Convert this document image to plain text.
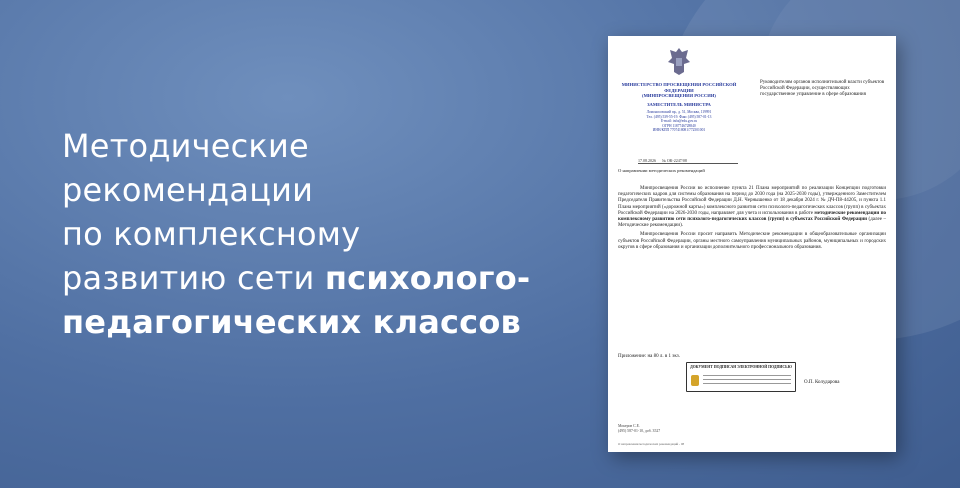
Методические
рекомендации
по комплексному
развитию сети психолого-
педагогических классов
МИНИСТЕРСТВО ПРОСВЕЩЕНИЯ РОССИЙСКОЙ ФЕДЕРАЦИИ
(МИНПРОСВЕЩЕНИЯ РОССИИ)
ЗАМЕСТИТЕЛЬ МИНИСТРА
Ломоносовский пр., д. 51, Москва, 119991
Тел. (495) 539-55-19. Факс (495) 587-01-13
E-mail: info@edu.gov.ru
ОГРН 1187746728840
ИНН/КПП 7707418081/772501001
Руководителям органов исполнительной власти субъектов Российской Федерации, осуществляющих государственное управление в сфере образования
17.08.2026 № ОК-2247/08
О направлении методических рекомендаций

Минпросвещения России во исполнение пункта 21 Плана мероприятий по реализации Концепции подготовки педагогических кадров для системы образования на период до 2030 года (на 2025-2030 годы), утвержденного Заместителем Председателя Правительства Российской Федерации Д.Н. Чернышенко от 18 декабря 2024 г. № ДЧ-П8-44205, и пункта 1.1 Плана мероприятий («дорожной карты») комплексного развития сети психолого-педагогических классов (групп) в субъектах Российской Федерации на 2026-2030 годы, направляет для учета и использования в работе методические рекомендации по комплексному развитию сети психолого-педагогических классов (групп) в субъектах Российской Федерации (далее – Методические рекомендации).

Минпросвещения России просит направить Методические рекомендации в общеобразовательные организации субъектов Российской Федерации, органы местного самоуправления муниципальных районов, муниципальных и городских округов в сфере образования и организации дополнительного профессионального образования.

Приложение: на 80 л. в 1 экз.
ДОКУМЕНТ ПОДПИСАН ЭЛЕКТРОННОЙ ПОДПИСЬЮ
О.П. Колударова
Мокеров С.Е.
(495) 587-01-10, доб. 3527
О направлении методических рекомендаций - 08
